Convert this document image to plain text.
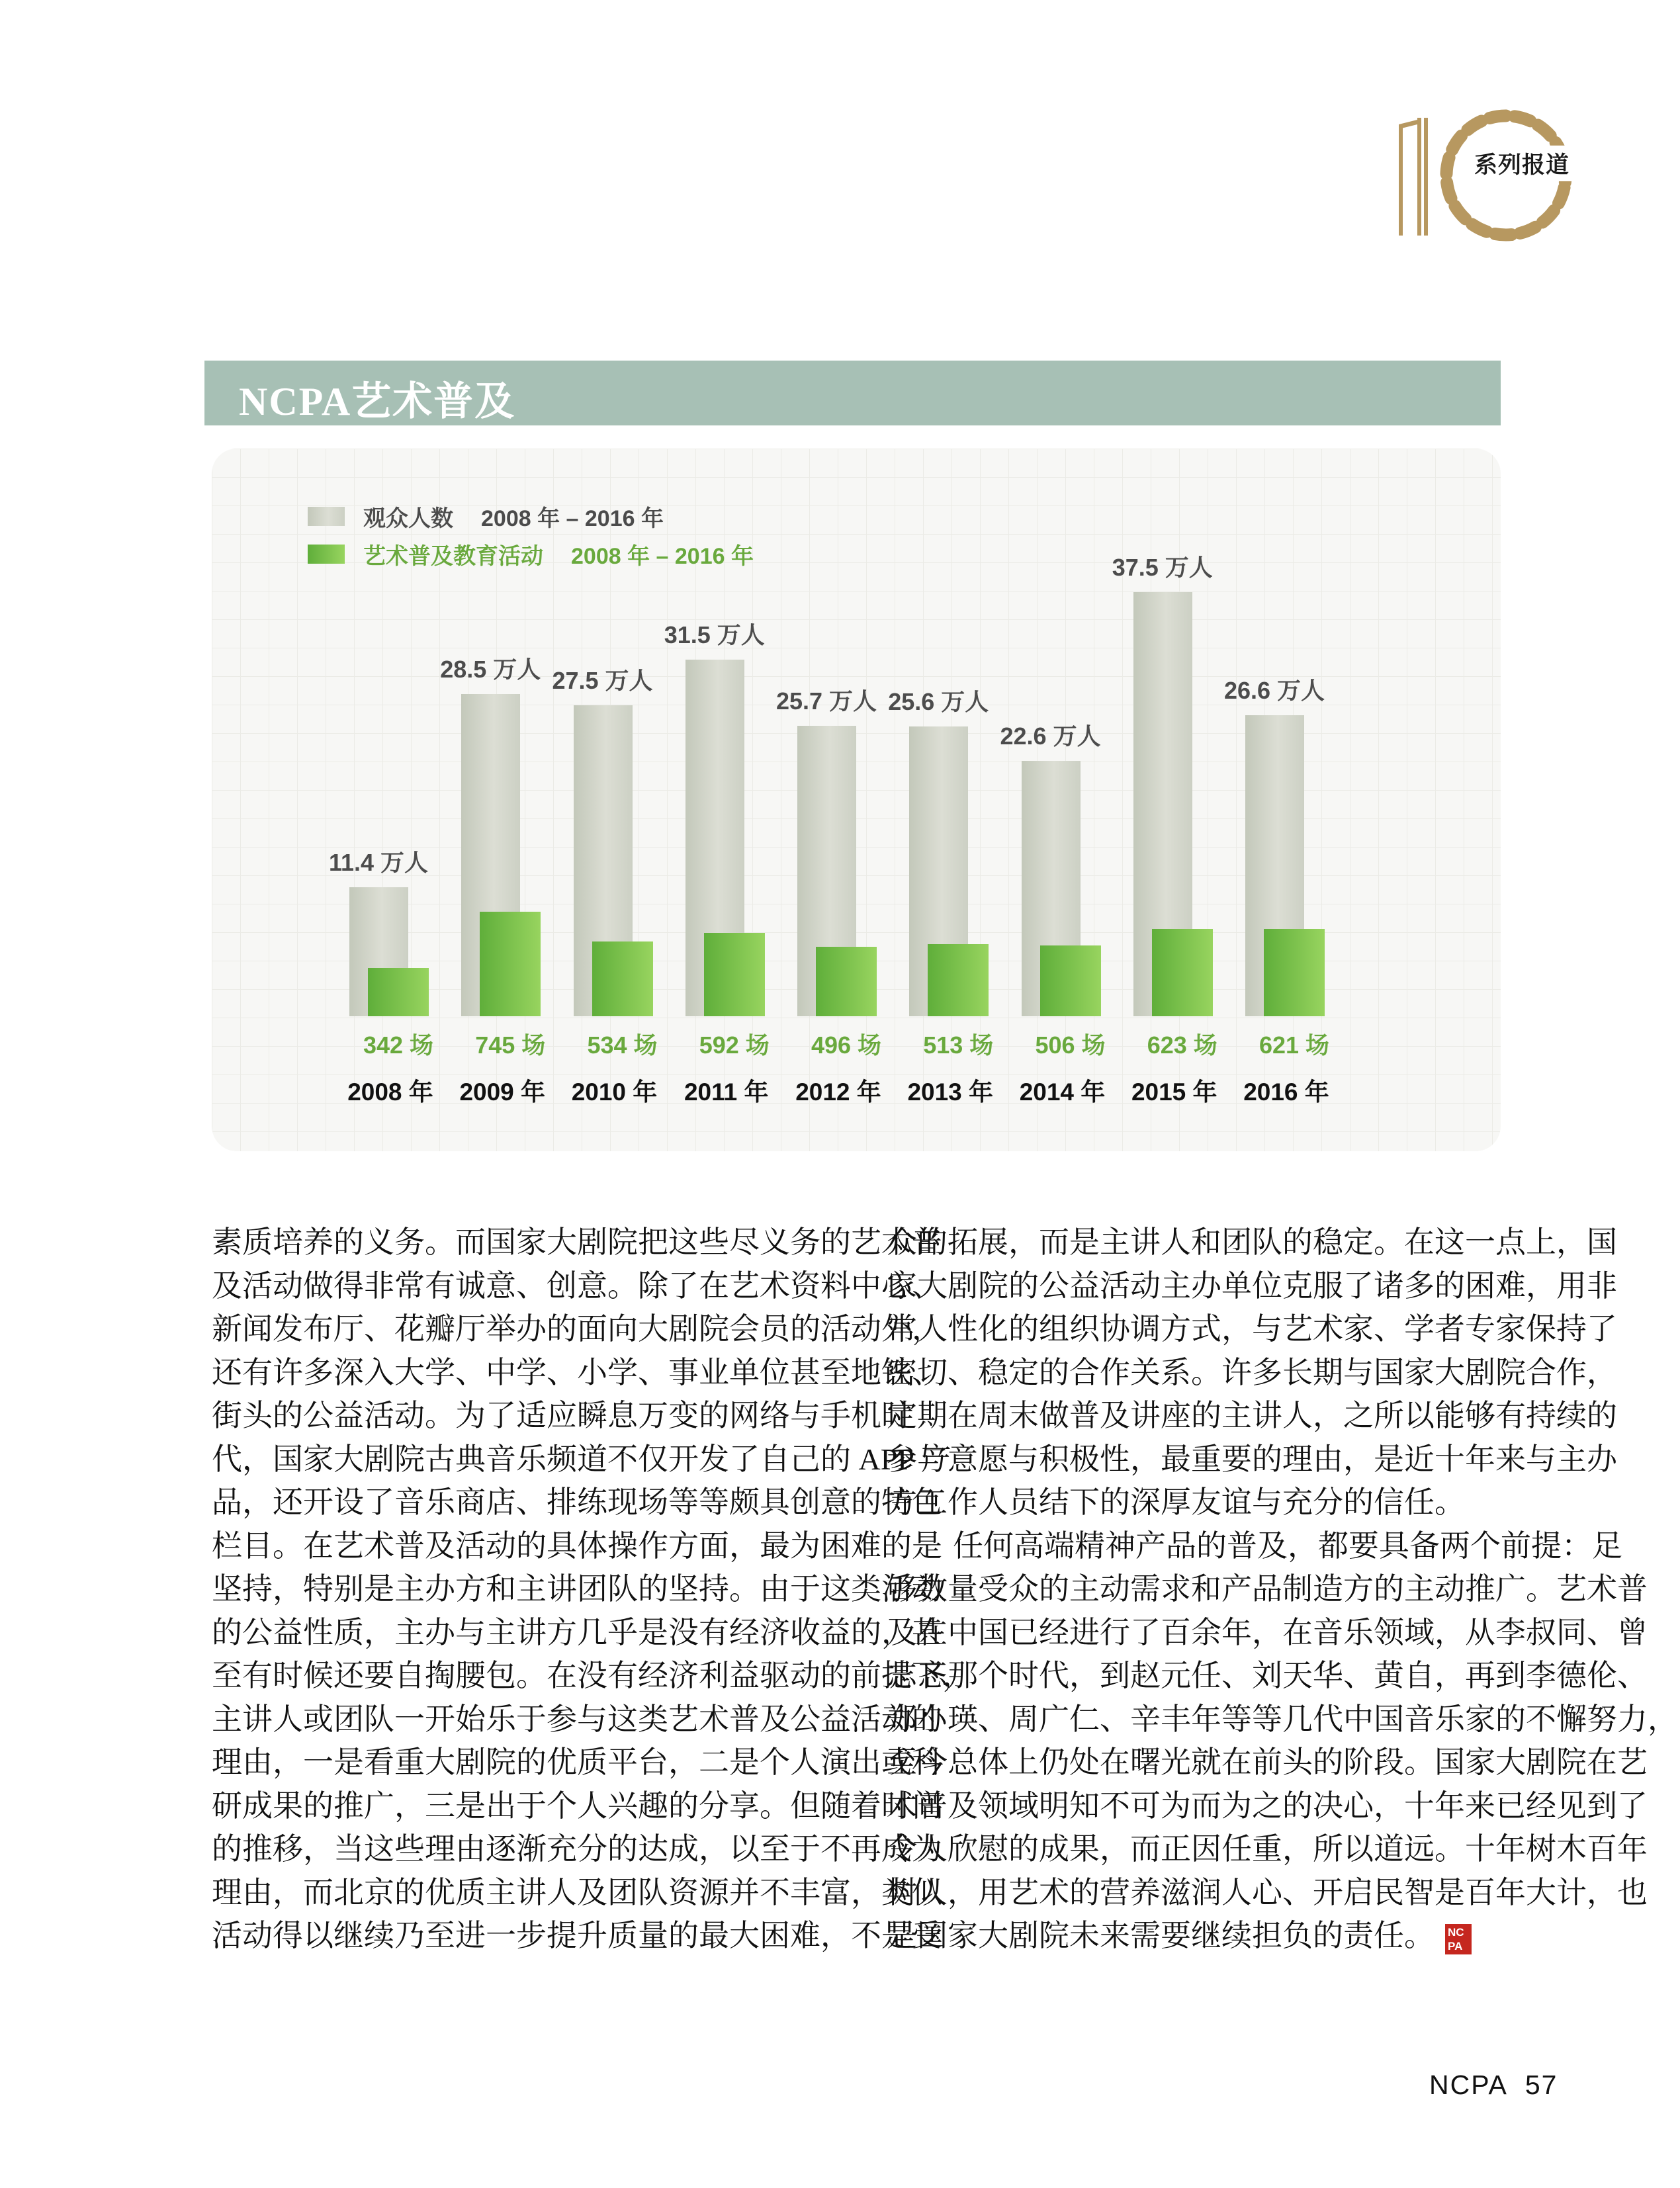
系列报道
NCPA艺术普及
观众人数 2008 年 – 2016 年
艺术普及教育活动 2008 年 – 2016 年
11.4 万人
342 场
2008 年
28.5 万人
745 场
2009 年
27.5 万人
534 场
2010 年
31.5 万人
592 场
2011 年
25.7 万人
496 场
2012 年
25.6 万人
513 场
2013 年
22.6 万人
506 场
2014 年
37.5 万人
623 场
2015 年
26.6 万人
621 场
2016 年
素质培养的义务。而国家大剧院把这些尽义务的艺术普
及活动做得非常有诚意、创意。除了在艺术资料中心、
新闻发布厅、花瓣厅举办的面向大剧院会员的活动外，
还有许多深入大学、中学、小学、事业单位甚至地铁、
街头的公益活动。为了适应瞬息万变的网络与手机时
代，国家大剧院古典音乐频道不仅开发了自己的 APP 产
品，还开设了音乐商店、排练现场等等颇具创意的特色
栏目。在艺术普及活动的具体操作方面，最为困难的是
坚持，特别是主办方和主讲团队的坚持。由于这类活动
的公益性质，主办与主讲方几乎是没有经济收益的，甚
至有时候还要自掏腰包。在没有经济利益驱动的前提下，
主讲人或团队一开始乐于参与这类艺术普及公益活动的
理由，一是看重大剧院的优质平台，二是个人演出或科
研成果的推广，三是出于个人兴趣的分享。但随着时间
的推移，当这些理由逐渐充分的达成，以至于不再成为
理由，而北京的优质主讲人及团队资源并不丰富，类似
活动得以继续乃至进一步提升质量的最大困难，不是受
众的拓展，而是主讲人和团队的稳定。在这一点上，国
家大剧院的公益活动主办单位克服了诸多的困难，用非
常人性化的组织协调方式，与艺术家、学者专家保持了
密切、稳定的合作关系。许多长期与国家大剧院合作，
定期在周末做普及讲座的主讲人，之所以能够有持续的
参与意愿与积极性，最重要的理由，是近十年来与主办
方工作人员结下的深厚友谊与充分的信任。
任何高端精神产品的普及，都要具备两个前提：足
够数量受众的主动需求和产品制造方的主动推广。艺术普
及在中国已经进行了百余年，在音乐领域，从李叔同、曾
志忞那个时代，到赵元任、刘天华、黄自，再到李德伦、
郑小瑛、周广仁、辛丰年等等几代中国音乐家的不懈努力，
至今总体上仍处在曙光就在前头的阶段。国家大剧院在艺
术普及领域明知不可为而为之的决心，十年来已经见到了
令人欣慰的成果，而正因任重，所以道远。十年树木百年
树人，用艺术的营养滋润人心、开启民智是百年大计，也
是国家大剧院未来需要继续担负的责任。 NC
PA
NCPA 57
